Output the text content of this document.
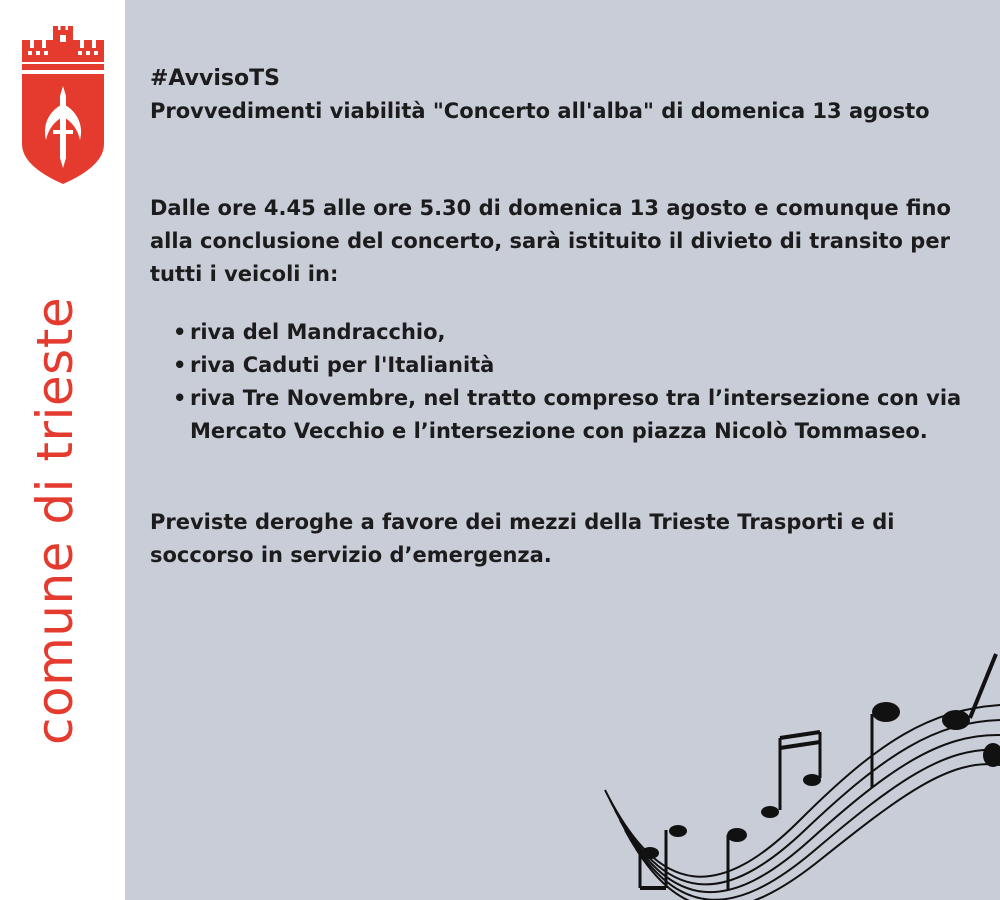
comune di trieste

#AvvisoTS

Provvedimenti viabilità "Concerto all'alba" di domenica 13 agosto

Dalle ore 4.45 alle ore 5.30 di domenica 13 agosto e comunque fino alla conclusione del concerto, sarà istituito il divieto di transito per tutti i veicoli in:

• riva del Mandracchio,
• riva Caduti per l'Italianità
• riva Tre Novembre, nel tratto compreso tra l’intersezione con via Mercato Vecchio e l’intersezione con piazza Nicolò Tommaseo.

Previste deroghe a favore dei mezzi della Trieste Trasporti e di soccorso in servizio d’emergenza.
